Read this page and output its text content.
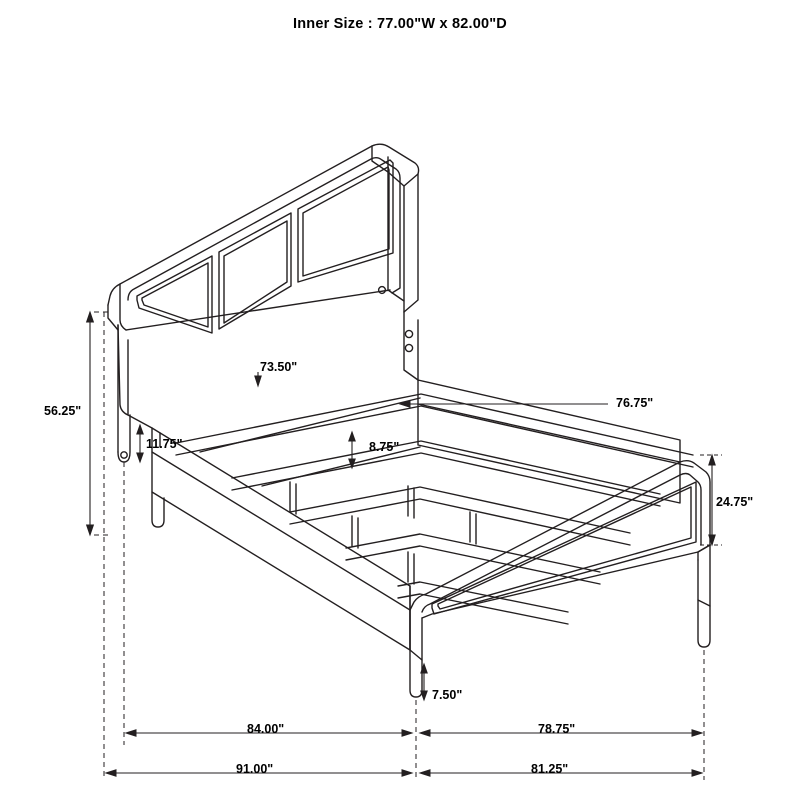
Inner Size : 77.00"W x 82.00"D
56.25"
73.50"
76.75"
11.75"	8.75"
24.75"
7.50"
84.00"	78.75"
91.00"	81.25"
